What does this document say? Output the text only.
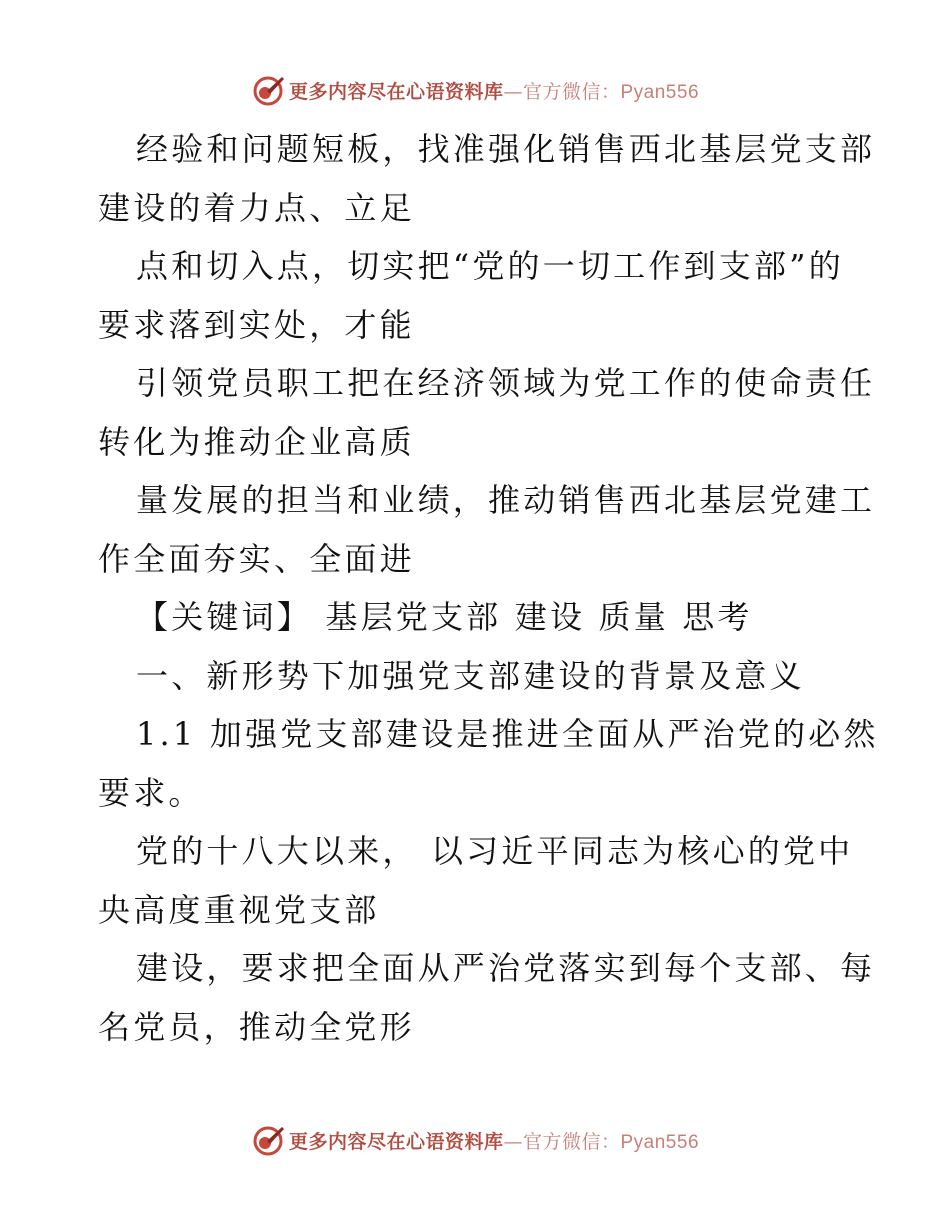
更多内容尽在心语资料库—官方微信：Pyan556
经验和问题短板，找准强化销售西北基层党支部
建设的着力点、立足
点和切入点，切实把“党的一切工作到支部”的
要求落到实处，才能
引领党员职工把在经济领域为党工作的使命责任
转化为推动企业高质
量发展的担当和业绩，推动销售西北基层党建工
作全面夯实、全面进
【关键词】 基层党支部 建设 质量 思考
一、新形势下加强党支部建设的背景及意义
1.1 加强党支部建设是推进全面从严治党的必然
要求。
党的十八大以来， 以习近平同志为核心的党中
央高度重视党支部
建设，要求把全面从严治党落实到每个支部、每
名党员，推动全党形
更多内容尽在心语资料库—官方微信：Pyan556
